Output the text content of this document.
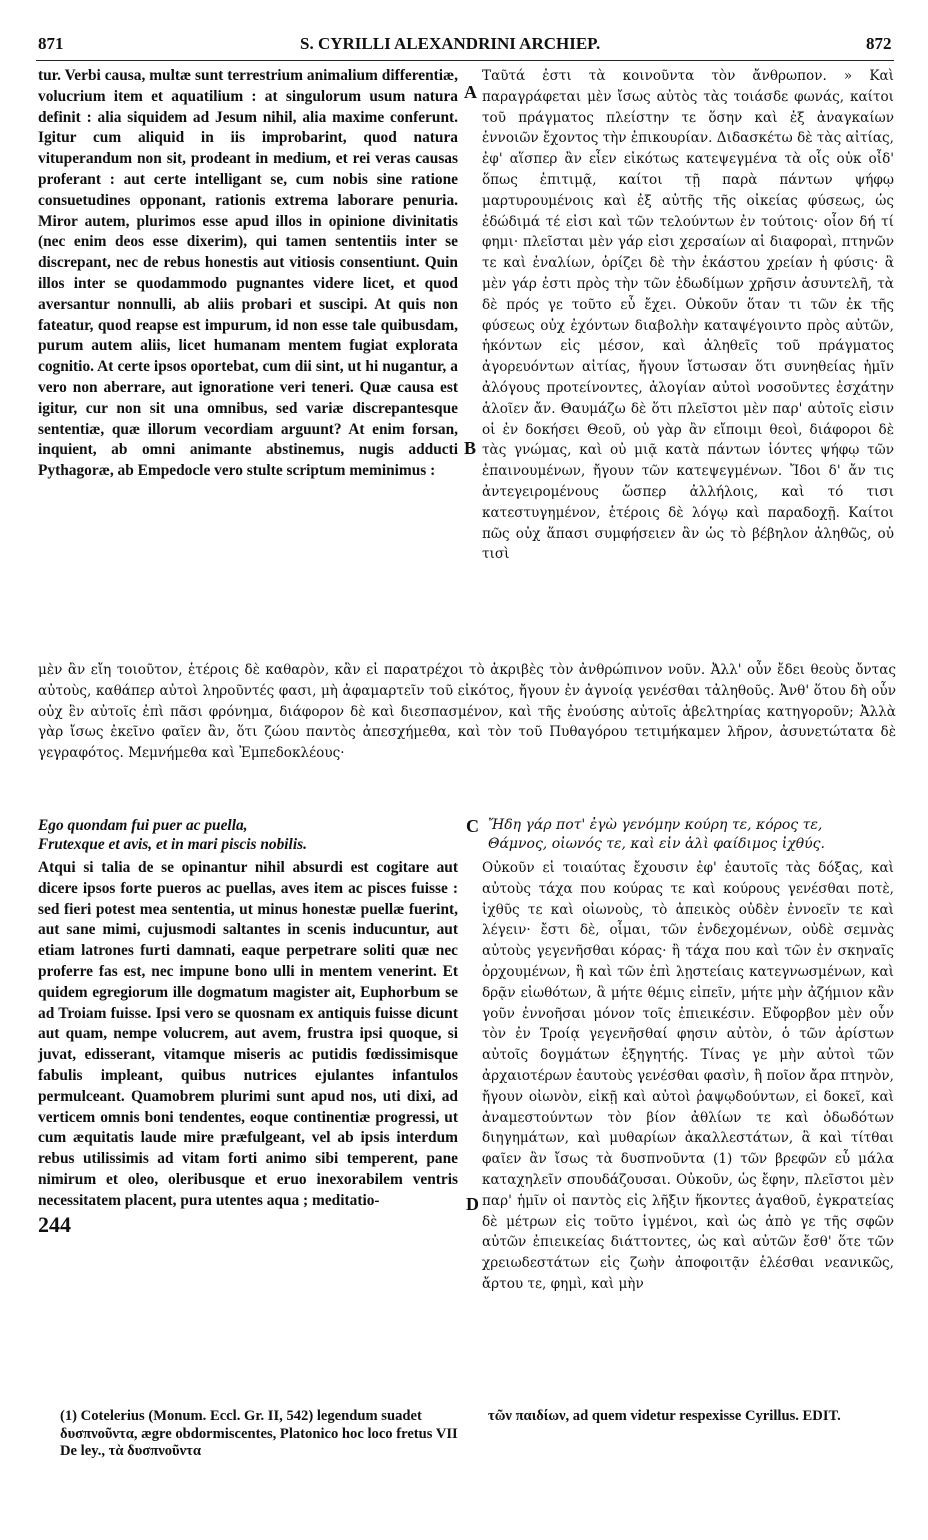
871	S. CYRILLI ALEXANDRINI ARCHIEP.	872

tur. Verbi causa, multæ sunt terrestrium animalium differentiæ, volucrium item et aquatilium : at singulorum usum natura definit : alia siquidem ad Jesum nihil, alia maxime conferunt. Igitur cum aliquid in iis improbarint, quod natura vituperandum non sit, prodeant in medium, et rei veras causas proferant : aut certe intelligant se, cum nobis sine ratione consuetudines opponant, rationis extrema laborare penuria. Miror autem, plurimos esse apud illos in opinione divinitatis (nec enim deos esse dixerim), qui tamen sententiis inter se discrepant, nec de rebus honestis aut vitiosis consentiunt. Quin illos inter se quodammodo pugnantes videre licet, et quod aversantur nonnulli, ab aliis probari et suscipi. At quis non fateatur, quod reapse est impurum, id non esse tale quibusdam, purum autem aliis, licet humanam mentem fugiat explorata cognitio. At certe ipsos oportebat, cum dii sint, ut hi nugantur, a vero non aberrare, aut ignoratione veri teneri. Quæ causa est igitur, cur non sit una omnibus, sed variæ discrepantesque sententiæ, quæ illorum vecordiam arguunt? At enim forsan, inquient, ab omni animante abstinemus, nugis adducti Pythagoræ, ab Empedocle vero stulte scriptum meminimus :

Ταῦτά ἐστι τὰ κοινοῦντα τὸν ἄνθρωπον. » Καὶ παραγράφεται μὲν ἴσως αὐτὸς τὰς τοιάσδε φωνάς, καίτοι τοῦ πράγματος πλείστην τε ὅσην καὶ ἐξ ἀναγκαίων ἐννοιῶν ἔχοντος τὴν ἐπικουρίαν. Διδασκέτω δὲ τὰς αἰτίας, ἐφ' αἵσπερ ἂν εἶεν εἰκότως κατεψεγμένα τὰ οἷς οὐκ οἶδ' ὅπως ἐπιτιμᾷ, καίτοι τῇ παρὰ πάντων ψήφῳ μαρτυρουμένοις καὶ ἐξ αὐτῆς τῆς οἰκείας φύσεως, ὡς ἐδώδιμά τέ εἰσι καὶ τῶν τελούντων ἐν τούτοις· οἷον δή τί φημι· πλεῖσται μὲν γάρ εἰσι χερσαίων αἱ διαφοραὶ, πτηνῶν τε καὶ ἐναλίων, ὁρίζει δὲ τὴν ἑκάστου χρείαν ἡ φύσις· ἃ μὲν γάρ ἐστι πρὸς τὴν τῶν ἐδωδίμων χρῆσιν ἀσυντελῆ, τὰ δὲ πρός γε τοῦτο εὖ ἔχει. Οὐκοῦν ὅταν τι τῶν ἐκ τῆς φύσεως οὐχ ἐχόντων διαβολὴν καταψέγοιντο πρὸς αὐτῶν, ἡκόντων εἰς μέσον, καὶ ἀληθεῖς τοῦ πράγματος ἀγορευόντων αἰτίας, ἤγουν ἴστωσαν ὅτι συνηθείας ἡμῖν ἀλόγους προτείνοντες, ἀλογίαν αὐτοὶ νοσοῦντες ἐσχάτην ἁλοῖεν ἄν. Θαυμάζω δὲ ὅτι πλεῖστοι μὲν παρ' αὐτοῖς εἰσιν οἱ ἐν δοκήσει Θεοῦ, οὐ γὰρ ἂν εἴποιμι θεοὶ, διάφοροι δὲ τὰς γνώμας, καὶ οὐ μιᾷ κατὰ πάντων ἰόντες ψήφῳ τῶν ἐπαινουμένων, ἤγουν τῶν κατεψεγμένων. Ἴδοι δ' ἄν τις ἀντεγειρομένους ὥσπερ ἀλλήλοις, καὶ τό τισι κατεστυγημένον, ἑτέροις δὲ λόγῳ καὶ παραδοχῇ. Καίτοι πῶς οὐχ ἅπασι συμφήσειεν ἂν ὡς τὸ βέβηλον ἀληθῶς, οὐ τισὶ

A
B

μὲν ἂν εἴη τοιοῦτον, ἑτέροις δὲ καθαρὸν, κἂν εἰ παρατρέχοι τὸ ἀκριβὲς τὸν ἀνθρώπινον νοῦν. Ἀλλ' οὖν ἔδει θεοὺς ὄντας αὐτοὺς, καθάπερ αὐτοὶ ληροῦντές φασι, μὴ ἀφαμαρτεῖν τοῦ εἰκότος, ἤγουν ἐν ἀγνοίᾳ γενέσθαι τἀληθοῦς. Ἀνθ' ὅτου δὴ οὖν οὐχ ἓν αὐτοῖς ἐπὶ πᾶσι φρόνημα, διάφορον δὲ καὶ διεσπασμένον, καὶ τῆς ἐνούσης αὐτοῖς ἀβελτηρίας κατηγοροῦν; Ἀλλὰ γὰρ ἴσως ἐκεῖνο φαῖεν ἂν, ὅτι ζώου παντὸς ἀπεσχήμεθα, καὶ τὸν τοῦ Πυθαγόρου τετιμήκαμεν λῆρον, ἀσυνετώτατα δὲ γεγραφότος. Μεμνήμεθα καὶ Ἐμπεδοκλέους·

Ego quondam fui puer ac puella,
Frutexque et avis, et in mari piscis nobilis.
C Ἤδη γάρ ποτ' ἐγὼ γενόμην κούρη τε, κόρος τε,
Θάμνος, οἰωνός τε, καὶ εἰν ἁλὶ φαίδιμος ἰχθύς.

Atqui si talia de se opinantur nihil absurdi est cogitare aut dicere ipsos forte pueros ac puellas, aves item ac pisces fuisse : sed fieri potest mea sententia, ut minus honestæ puellæ fuerint, aut sane mimi, cujusmodi saltantes in scenis inducuntur, aut etiam latrones furti damnati, eaque perpetrare soliti quæ nec proferre fas est, nec impune bono ulli in mentem venerint. Et quidem egregiorum ille dogmatum magister ait, Euphorbum se ad Troiam fuisse. Ipsi vero se quosnam ex antiquis fuisse dicunt aut quam, nempe volucrem, aut avem, frustra ipsi quoque, si juvat, edisserant, vitamque miseris ac putidis fœdissimisque fabulis impleant, quibus nutrices ejulantes infantulos permulceant. Quamobrem plurimi sunt apud nos, uti dixi, ad verticem omnis boni tendentes, eoque continentiæ progressi, ut cum æquitatis laude mire præfulgeant, vel ab ipsis interdum rebus utilissimis ad vitam forti animo sibi temperent, pane nimirum et oleo, oleribusque et eruo inexorabilem ventris necessitatem placent, pura utentes aqua ; meditatio-

Οὐκοῦν εἰ τοιαύτας ἔχουσιν ἐφ' ἑαυτοῖς τὰς δόξας, καὶ αὐτοὺς τάχα που κούρας τε καὶ κούρους γενέσθαι ποτὲ, ἰχθῦς τε καὶ οἰωνοὺς, τὸ ἀπεικὸς οὐδὲν ἐννοεῖν τε καὶ λέγειν· ἔστι δὲ, οἶμαι, τῶν ἐνδεχομένων, οὐδὲ σεμνὰς αὐτοὺς γεγενῆσθαι κόρας· ἢ τάχα που καὶ τῶν ἐν σκηναῖς ὀρχουμένων, ἢ καὶ τῶν ἐπὶ λῃστείαις κατεγνωσμένων, καὶ δρᾷν εἰωθότων, ἃ μήτε θέμις εἰπεῖν, μήτε μὴν ἀζήμιον κἂν γοῦν ἐννοῆσαι μόνον τοῖς ἐπιεικέσιν. Εὔφορβον μὲν οὖν τὸν ἐν Τροίᾳ γεγενῆσθαί φησιν αὐτὸν, ὁ τῶν ἀρίστων αὐτοῖς δογμάτων ἐξηγητής. Τίνας γε μὴν αὐτοὶ τῶν ἀρχαιοτέρων ἑαυτοὺς γενέσθαι φασὶν, ἢ ποῖον ἄρα πτηνὸν, ἤγουν οἰωνὸν, εἰκῇ καὶ αὐτοὶ ῥαψῳδούντων, εἰ δοκεῖ, καὶ ἀναμεστούντων τὸν βίον ἀθλίων τε καὶ ὀδωδότων διηγημάτων, καὶ μυθαρίων ἀκαλλεστάτων, ἃ καὶ τίτθαι φαῖεν ἂν ἴσως τὰ δυσπνοῦντα (1) τῶν βρεφῶν εὖ μάλα καταχηλεῖν σπουδάζουσαι. Οὐκοῦν, ὡς ἔφην, πλεῖστοι μὲν παρ' ἡμῖν οἱ παντὸς εἰς λῆξιν ἥκοντες ἀγαθοῦ, ἐγκρατείας δὲ μέτρων εἰς τοῦτο ἱγμένοι, καὶ ὡς ἀπὸ γε τῆς σφῶν αὐτῶν ἐπιεικείας διάττοντες, ὡς καὶ αὐτῶν ἔσθ' ὅτε τῶν χρειωδεστάτων εἰς ζωὴν ἀποφοιτᾷν ἑλέσθαι νεανικῶς, ἄρτου τε, φημὶ, καὶ μὴν

D
244
(1) Cotelerius (Monum. Eccl. Gr. II, 542) legendum suadet δυσπνοῦντα, ægre obdormiscentes, Platonico hoc loco fretus VII De ley., τὰ δυσπνοῦντα
τῶν παιδίων, ad quem videtur respexisse Cyrillus. EDIT.
